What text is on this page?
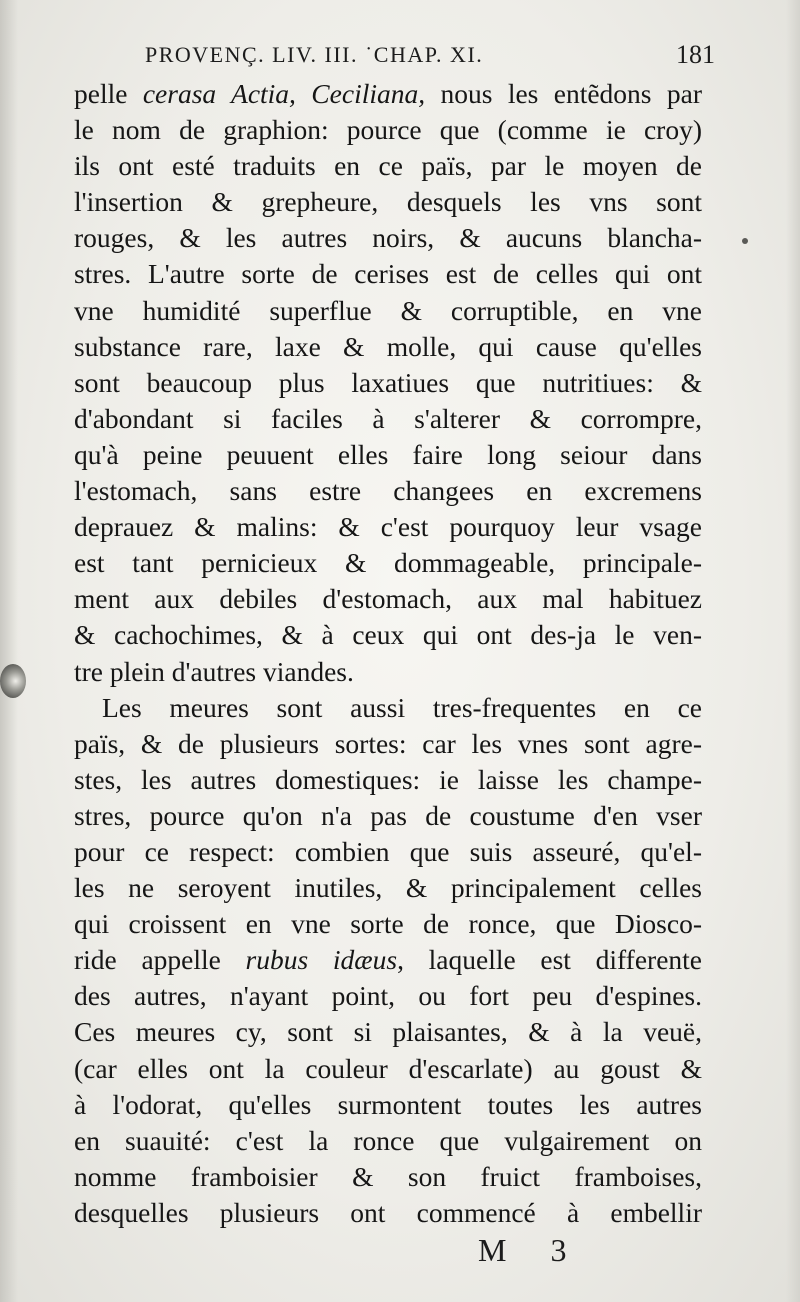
PROVENÇ. LIV. III. ˙CHAP. XI.	181
pelle cerasa Actia, Ceciliana, nous les entẽdons par
le nom de graphion: pource que (comme ie croy)
ils ont esté traduits en ce païs, par le moyen de
l'insertion & grepheure, desquels les vns sont
rouges, & les autres noirs, & aucuns blancha-
stres. L'autre sorte de cerises est de celles qui ont
vne humidité superflue & corruptible, en vne
substance rare, laxe & molle, qui cause qu'elles
sont beaucoup plus laxatiues que nutritiues: &
d'abondant si faciles à s'alterer & corrompre,
qu'à peine peuuent elles faire long seiour dans
l'estomach, sans estre changees en excremens
deprauez & malins: & c'est pourquoy leur vsage
est tant pernicieux & dommageable, principale-
ment aux debiles d'estomach, aux mal habituez
& cachochimes, & à ceux qui ont des-ja le ven-
tre plein d'autres viandes.
Les meures sont aussi tres-frequentes en ce
païs, & de plusieurs sortes: car les vnes sont agre-
stes, les autres domestiques: ie laisse les champe-
stres, pource qu'on n'a pas de coustume d'en vser
pour ce respect: combien que suis asseuré, qu'el-
les ne seroyent inutiles, & principalement celles
qui croissent en vne sorte de ronce, que Diosco-
ride appelle rubus idæus, laquelle est differente
des autres, n'ayant point, ou fort peu d'espines.
Ces meures cy, sont si plaisantes, & à la veuë,
(car elles ont la couleur d'escarlate) au goust &
à l'odorat, qu'elles surmontent toutes les autres
en suauité: c'est la ronce que vulgairement on
nomme framboisier & son fruict framboises,
desquelles plusieurs ont commencé à embellir
M 3
